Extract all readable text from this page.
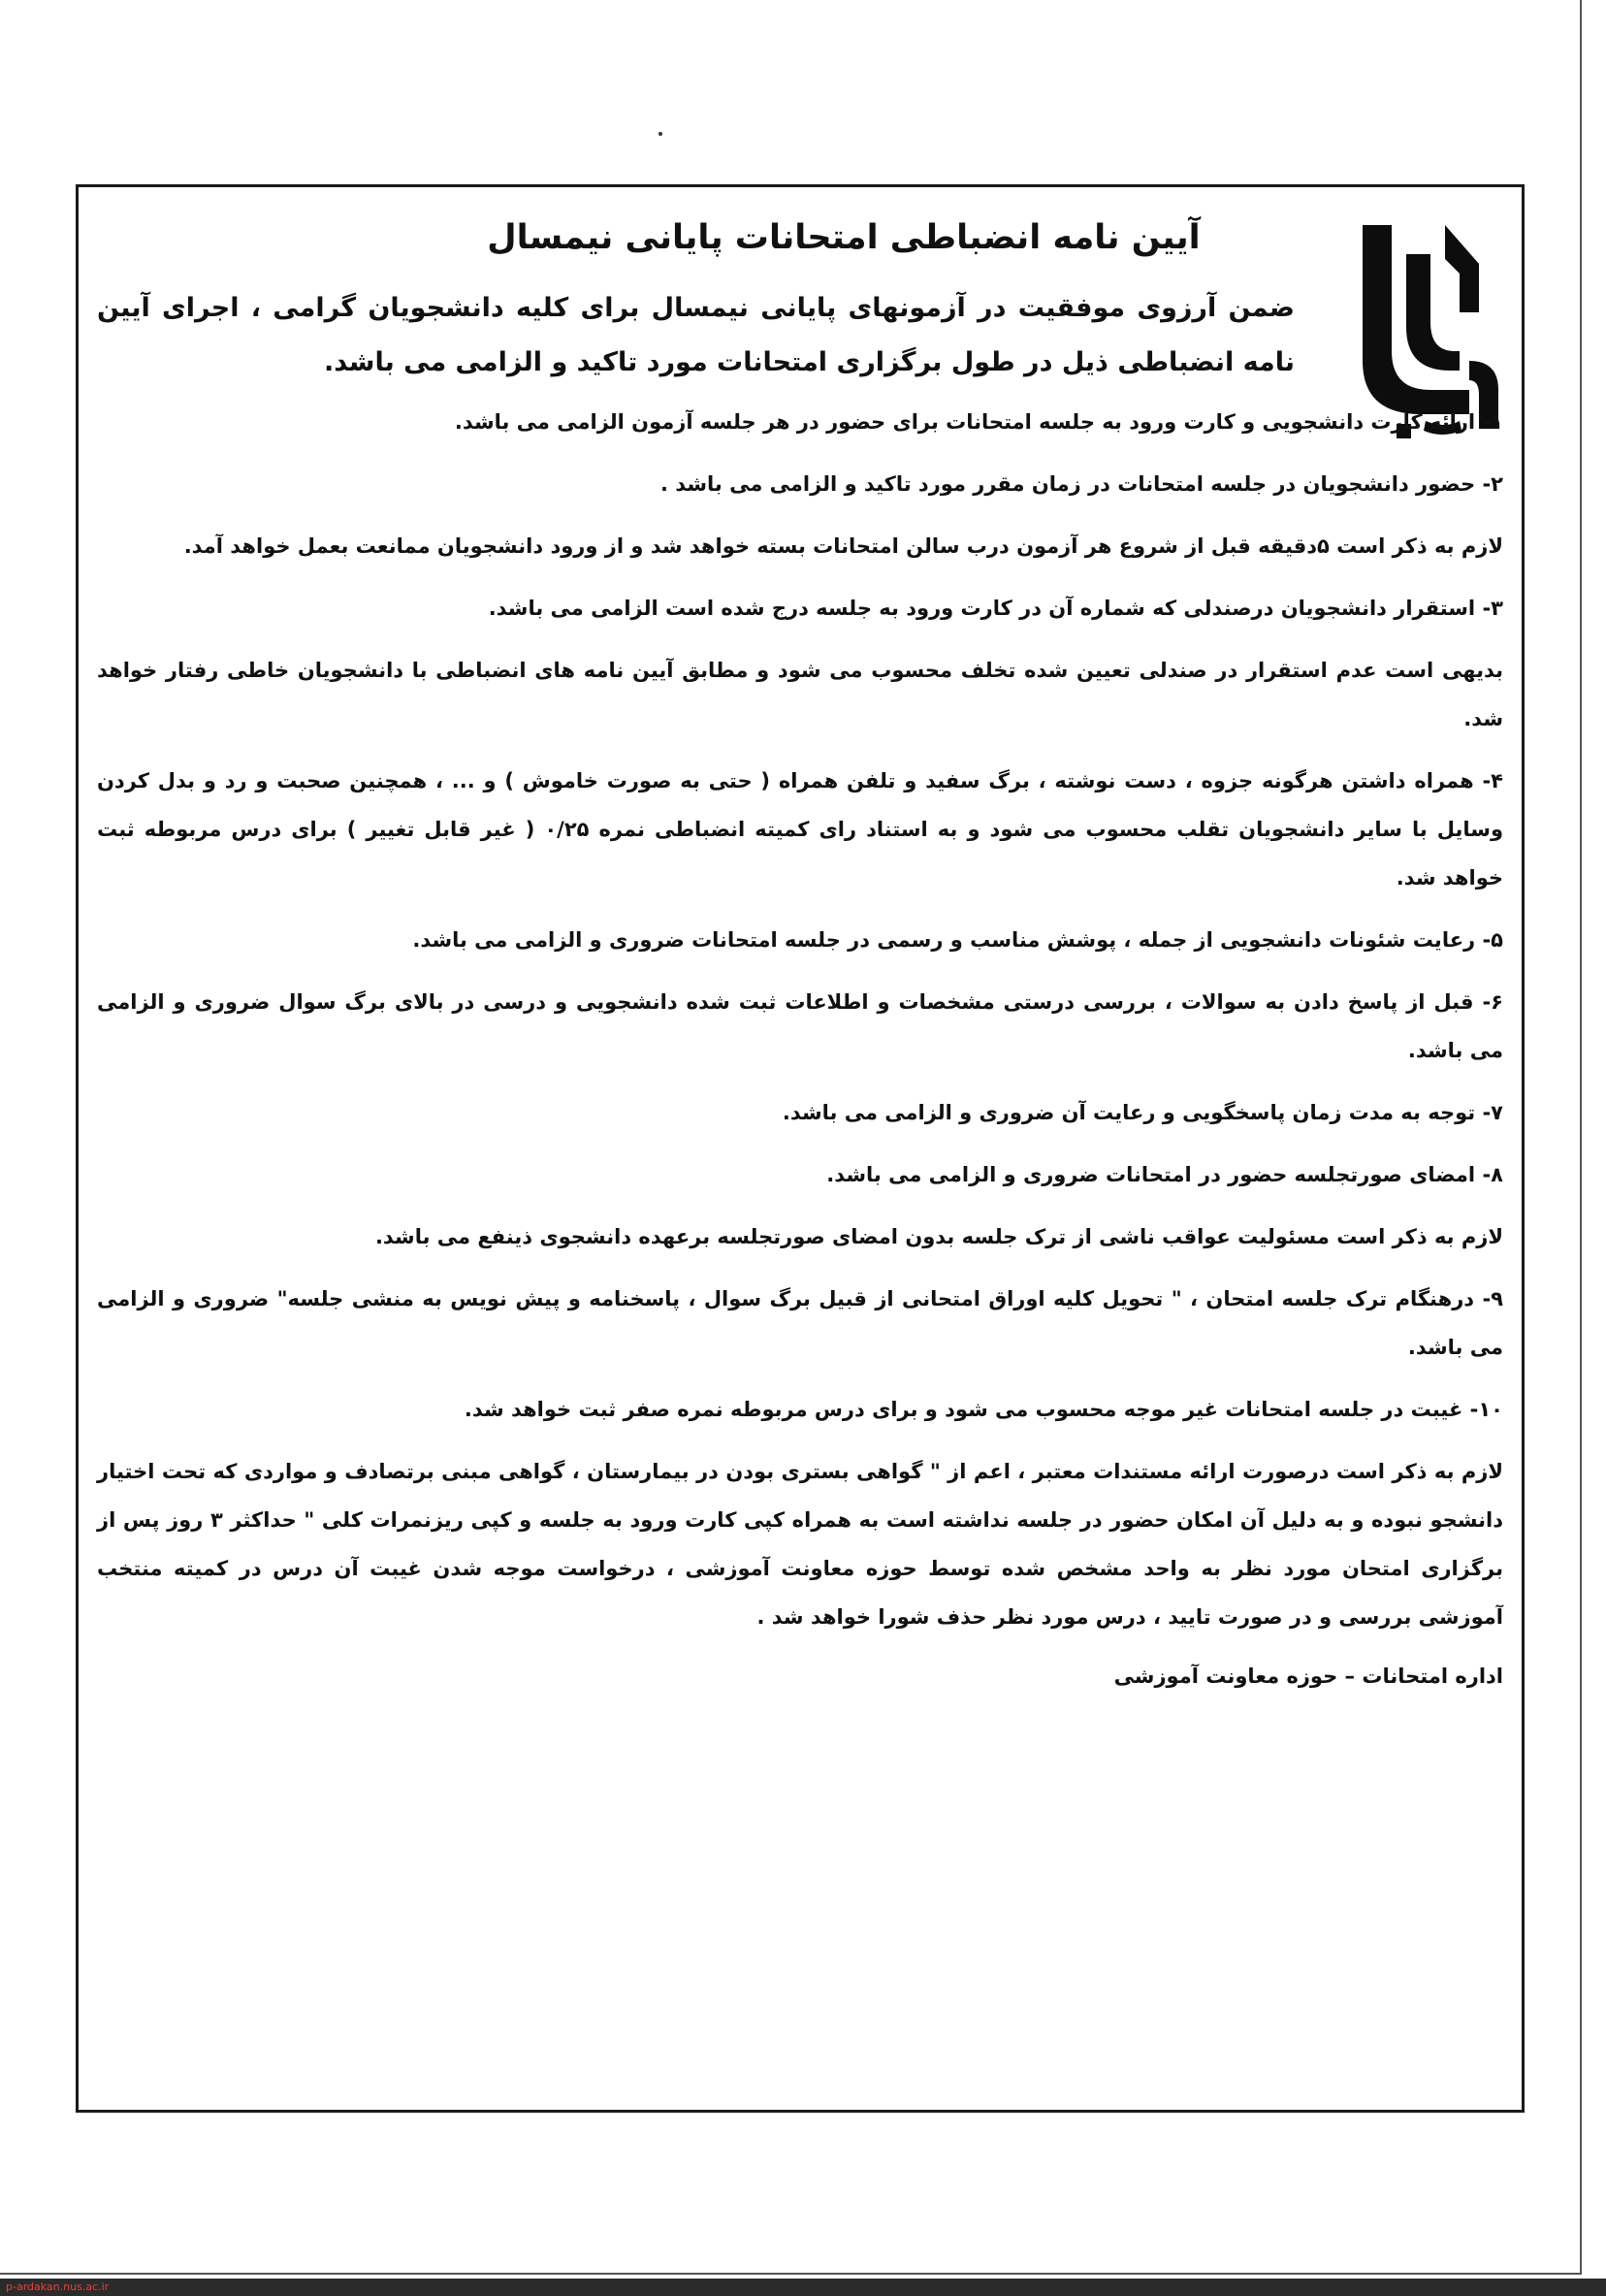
آیین نامه انضباطی امتحانات پایانی نیمسال
ضمن آرزوی موفقیت در آزمونهای پایانی نیمسال برای کلیه دانشجویان گرامی ، اجرای آیین نامه انضباطی ذیل در طول برگزاری امتحانات مورد تاکید و الزامی می باشد.
۱- ارائه کارت دانشجویی و کارت ورود به جلسه امتحانات برای حضور در هر جلسه آزمون الزامی می باشد.
۲- حضور دانشجویان در جلسه امتحانات در زمان مقرر مورد تاکید و الزامی می باشد .
لازم به ذکر است ۵دقیقه قبل از شروع هر آزمون درب سالن امتحانات بسته خواهد شد و از ورود دانشجویان ممانعت بعمل خواهد آمد.
۳- استقرار دانشجویان درصندلی که شماره آن در کارت ورود به جلسه درج شده است الزامی می باشد.
بدیهی است عدم استقرار در صندلی تعیین شده تخلف محسوب می شود و مطابق آیین نامه های انضباطی با دانشجویان خاطی رفتار خواهد شد.
۴- همراه داشتن هرگونه جزوه ، دست نوشته ، برگ سفید و تلفن همراه ( حتی به صورت خاموش ) و ... ، همچنین صحبت و رد و بدل کردن وسایل با سایر دانشجویان تقلب محسوب می شود و به استناد رای کمیته انضباطی نمره ۰/۲۵ ( غیر قابل تغییر ) برای درس مربوطه ثبت خواهد شد.
۵- رعایت شئونات دانشجویی از جمله ، پوشش مناسب و رسمی در جلسه امتحانات ضروری و الزامی می باشد.
۶- قبل از پاسخ دادن به سوالات ، بررسی درستی مشخصات و اطلاعات ثبت شده دانشجویی و درسی در بالای برگ سوال ضروری و الزامی می باشد.
۷- توجه به مدت زمان پاسخگویی و رعایت آن ضروری و الزامی می باشد.
۸- امضای صورتجلسه حضور در امتحانات ضروری و الزامی می باشد.
لازم به ذکر است مسئولیت عواقب ناشی از ترک جلسه بدون امضای صورتجلسه برعهده دانشجوی ذینفع می باشد.
۹- درهنگام ترک جلسه امتحان ، " تحویل کلیه اوراق امتحانی از قبیل برگ سوال ، پاسخنامه و پیش نویس به منشی جلسه" ضروری و الزامی می باشد.
۱۰- غیبت در جلسه امتحانات غیر موجه محسوب می شود و برای درس مربوطه نمره صفر ثبت خواهد شد.
لازم به ذکر است درصورت ارائه مستندات معتبر ، اعم از " گواهی بستری بودن در بیمارستان ، گواهی مبنی برتصادف و مواردی که تحت اختیار دانشجو نبوده و به دلیل آن امکان حضور در جلسه نداشته است به همراه کپی کارت ورود به جلسه و کپی ریزنمرات کلی " حداکثر ۳ روز پس از برگزاری امتحان مورد نظر به واحد مشخص شده توسط حوزه معاونت آموزشی ، درخواست موجه شدن غیبت آن درس در کمیته منتخب آموزشی بررسی و در صورت تایید ، درس مورد نظر حذف شورا خواهد شد .
اداره امتحانات – حوزه معاونت آموزشی
p-ardakan.nus.ac.ir
